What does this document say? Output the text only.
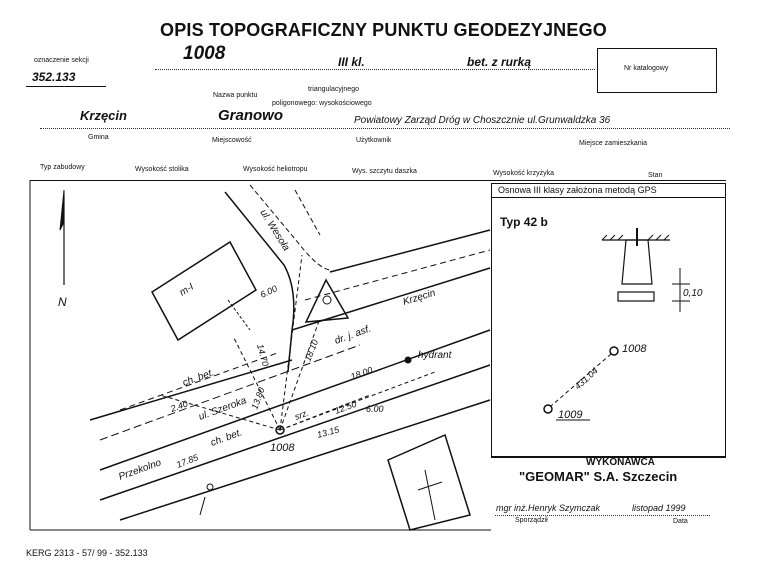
OPIS TOPOGRAFICZNY PUNKTU GEODEZYJNEGO
oznaczenie sekcji
352.133
1008	III kl.	bet. z rurką	Nr katalogowy
triangulacyjnego
Nazwa punktu
poligonowego: wysokościowego
Krzęcin	Granowo	Powiatowy Zarząd Dróg w Choszcznie ul.Grunwaldzka 36
Gmina	Miejscowość	Użytkownik	Miejsce zamieszkania
Typ zabudowy	Wysokość stolika	Wysokość heliotropu	Wys. szczytu daszka	Wysokość krzyżyka	Stan
Osnowa III klasy założona metodą GPS
Typ 42 b
WYKONAWCA
"GEOMAR" S.A. Szczecin
mgr inż.Henryk Szymczak	listopad 1999
Sporządził	Data
KERG 2313 - 57/ 99 - 352.133
N
m-I
ul. Wesoła
Krzęcin
ul. Szeroka
Przekolno
hydrant
ch. bet.
ch. bet.
dr. j. asf.
1008
6.00
14.70	18.10
18.00
13.80
13.15
17.85
12.50 6.00
2.40
srz.
0,10
1008
1009
431.04
